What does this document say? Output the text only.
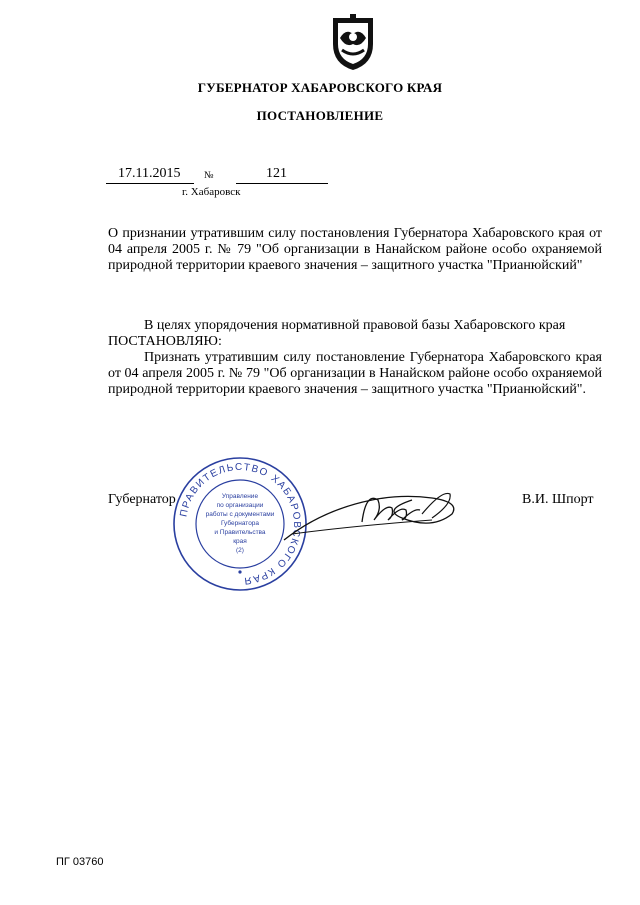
ГУБЕРНАТОР ХАБАРОВСКОГО КРАЯ
ПОСТАНОВЛЕНИЕ
17.11.2015 №	121
г. Хабаровск
О признании утратившим силу постановления Губернатора Хабаровского края от 04 апреля 2005 г. № 79 "Об организации в Нанайском районе особо охраняемой природной территории краевого значения – защитного участка "Прианюйский"
В целях упорядочения нормативной правовой базы Хабаровского края
ПОСТАНОВЛЯЮ:
Признать утратившим силу постановление Губернатора Хабаровского края от 04 апреля 2005 г. № 79 "Об организации в Нанайском районе особо охраняемой природной территории краевого значения – защитного участка "Прианюйский".
Губернатор	В.И. Шпорт
ПРАВИТЕЛЬСТВО ХАБАРОВСКОГО КРАЯ
Управление
по организации
работы с документами
Губернатора
и Правительства
края
(2)
ПГ 03760
